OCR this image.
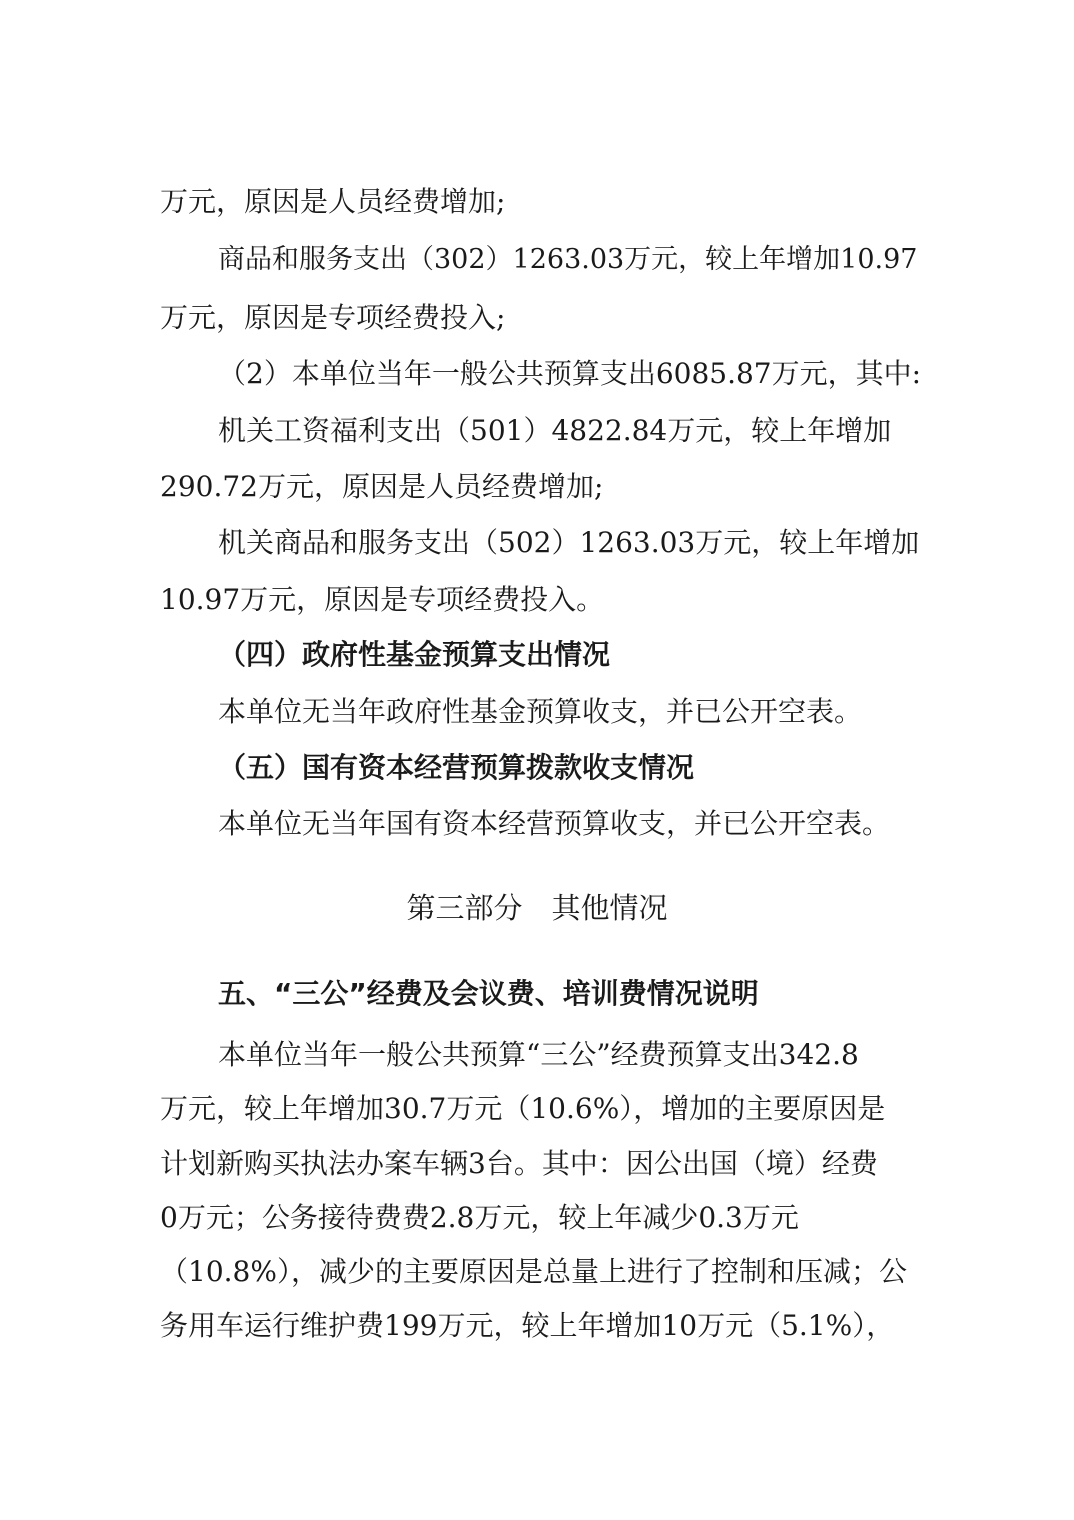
万元，原因是人员经费增加;
商品和服务支出（302）1263.03万元，较上年增加10.97
万元，原因是专项经费投入;
（2）本单位当年一般公共预算支出6085.87万元，其中:
机关工资福利支出（501）4822.84万元，较上年增加
290.72万元，原因是人员经费增加;
机关商品和服务支出（502）1263.03万元，较上年增加
10.97万元，原因是专项经费投入。
（四）政府性基金预算支出情况
本单位无当年政府性基金预算收支，并已公开空表。
（五）国有资本经营预算拨款收支情况
本单位无当年国有资本经营预算收支，并已公开空表。
第三部分　其他情况
五、“三公”经费及会议费、培训费情况说明
本单位当年一般公共预算“三公”经费预算支出342.8
万元，较上年增加30.7万元（10.6%），增加的主要原因是
计划新购买执法办案车辆3台。其中：因公出国（境）经费
0万元；公务接待费费2.8万元，较上年减少0.3万元
（10.8%），减少的主要原因是总量上进行了控制和压减；公
务用车运行维护费199万元，较上年增加10万元（5.1%），
